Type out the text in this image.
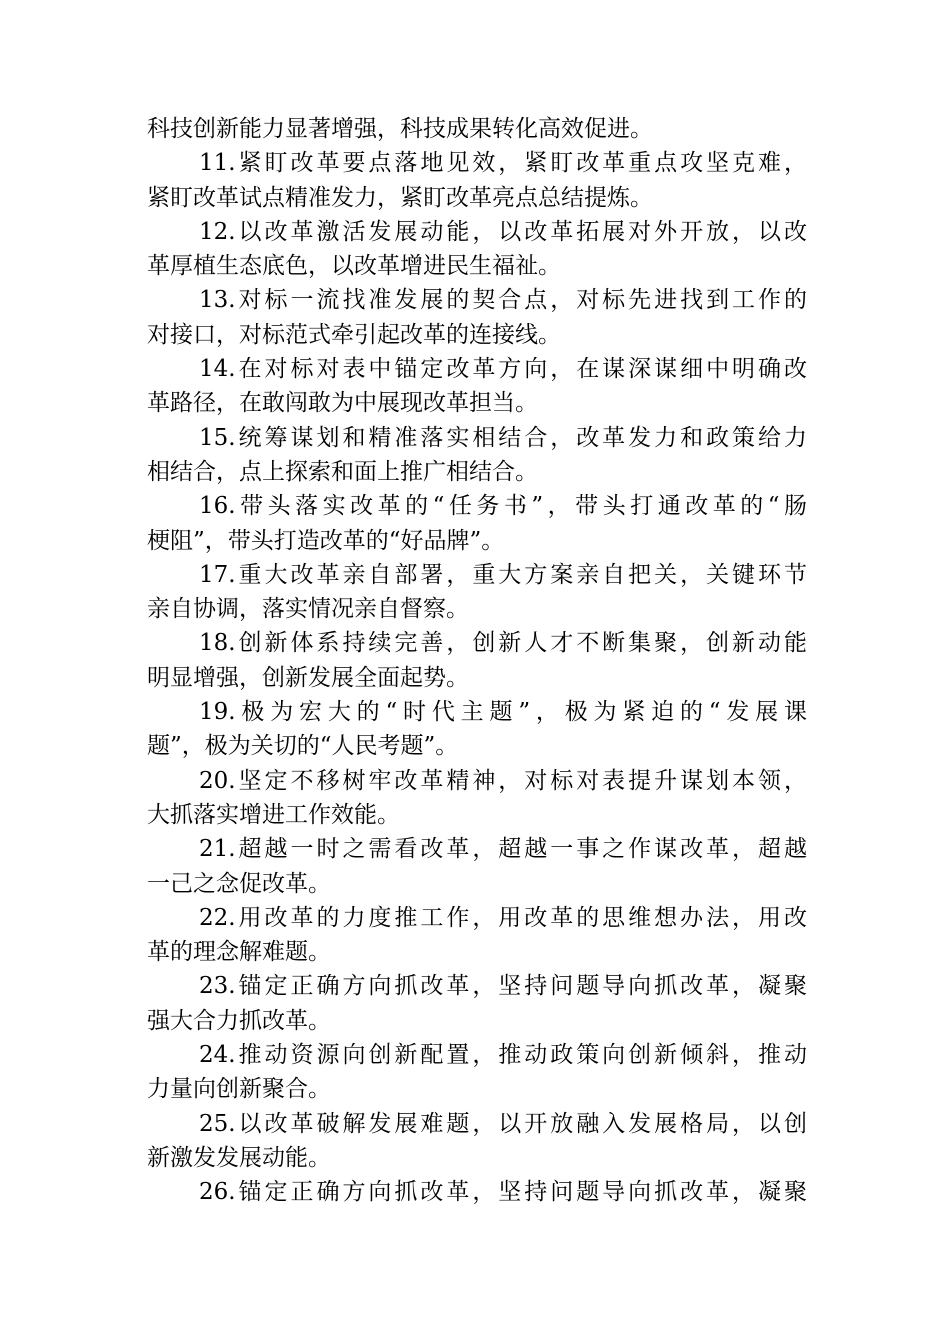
科技创新能力显著增强，科技成果转化高效促进。
11.紧盯改革要点落地见效，紧盯改革重点攻坚克难，
紧盯改革试点精准发力，紧盯改革亮点总结提炼。
12.以改革激活发展动能，以改革拓展对外开放，以改
革厚植生态底色，以改革增进民生福祉。
13.对标一流找准发展的契合点，对标先进找到工作的
对接口，对标范式牵引起改革的连接线。
14.在对标对表中锚定改革方向，在谋深谋细中明确改
革路径，在敢闯敢为中展现改革担当。
15.统筹谋划和精准落实相结合，改革发力和政策给力
相结合，点上探索和面上推广相结合。
16.带头落实改革的“任务书”，带头打通改革的“肠
梗阻”，带头打造改革的“好品牌”。
17.重大改革亲自部署，重大方案亲自把关，关键环节
亲自协调，落实情况亲自督察。
18.创新体系持续完善，创新人才不断集聚，创新动能
明显增强，创新发展全面起势。
19.极为宏大的“时代主题”，极为紧迫的“发展课
题”，极为关切的“人民考题”。
20.坚定不移树牢改革精神，对标对表提升谋划本领，
大抓落实增进工作效能。
21.超越一时之需看改革，超越一事之作谋改革，超越
一己之念促改革。
22.用改革的力度推工作，用改革的思维想办法，用改
革的理念解难题。
23.锚定正确方向抓改革，坚持问题导向抓改革，凝聚
强大合力抓改革。
24.推动资源向创新配置，推动政策向创新倾斜，推动
力量向创新聚合。
25.以改革破解发展难题，以开放融入发展格局，以创
新激发发展动能。
26.锚定正确方向抓改革，坚持问题导向抓改革，凝聚
